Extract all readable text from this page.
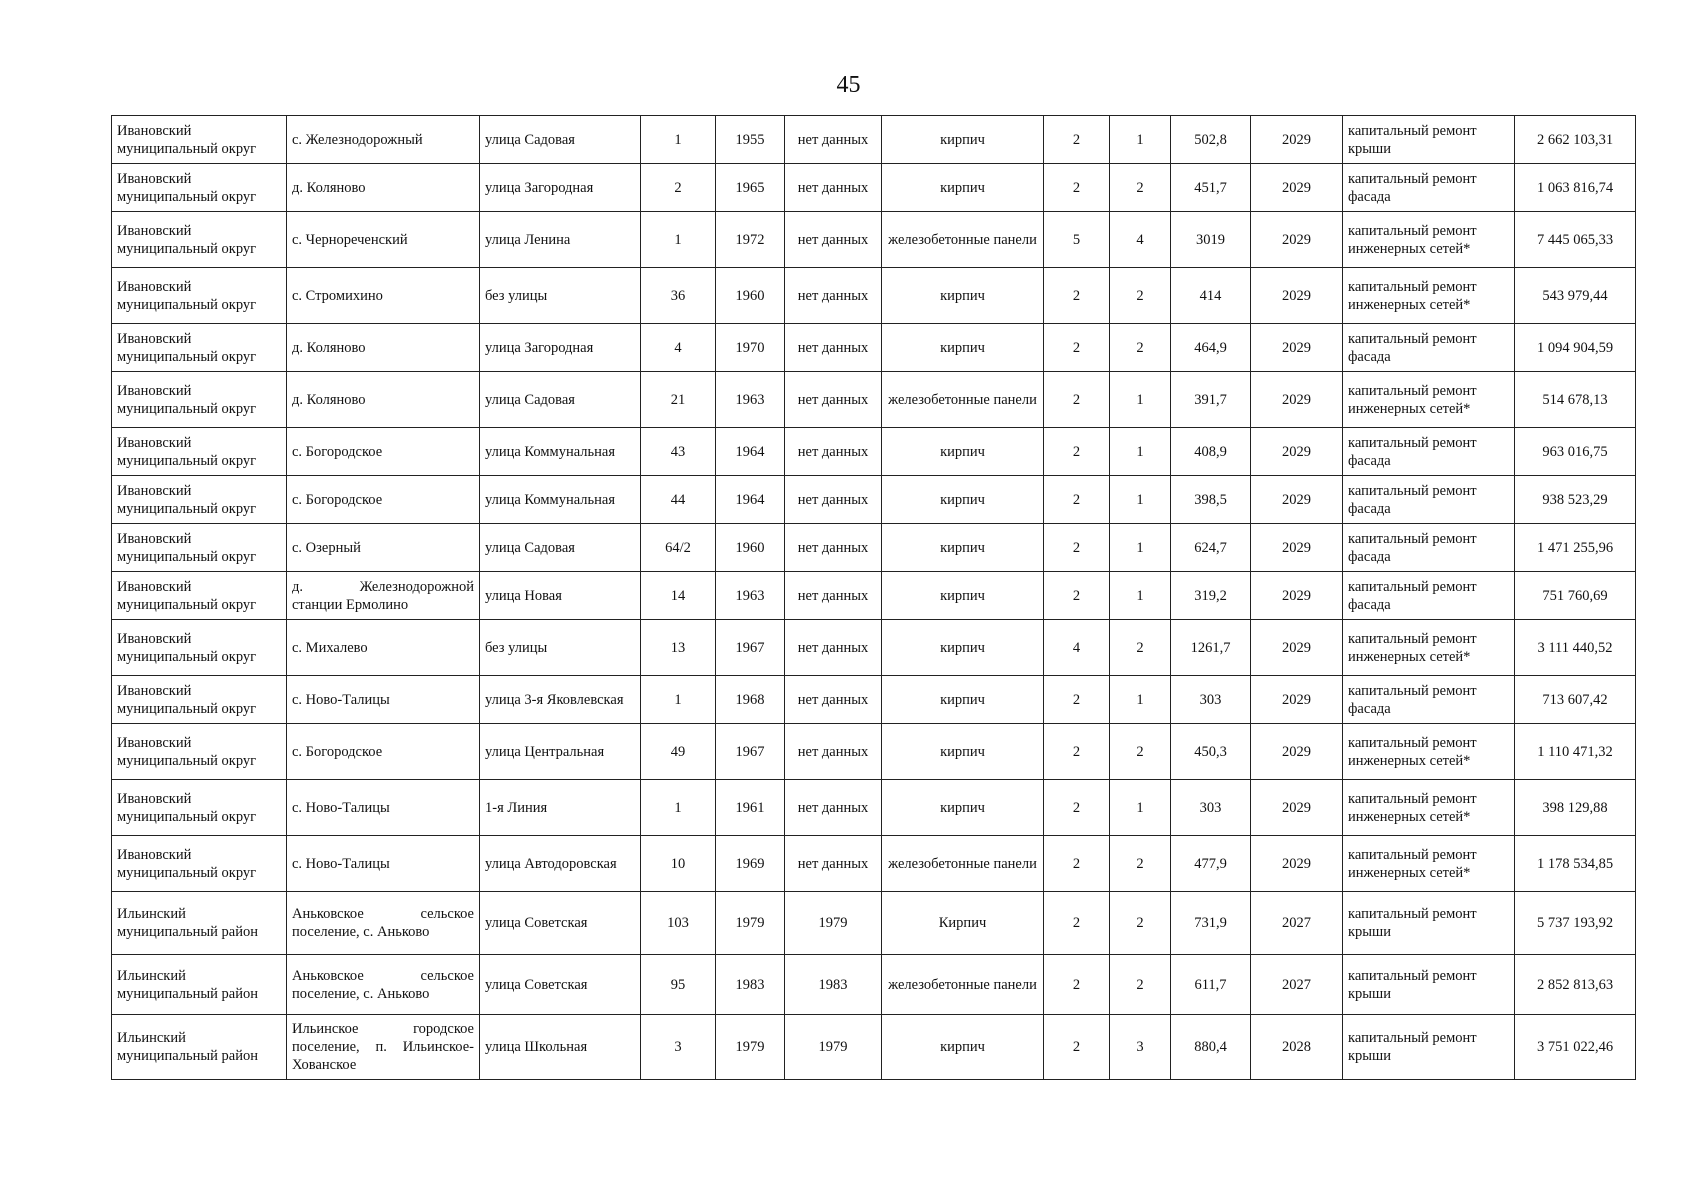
45
Ивановский муниципальный округ	с. Железнодорожный	улица Садовая	1	1955	нет данных	кирпич	2	1	502,8	2029	капитальный ремонт крыши	2 662 103,31
Ивановский муниципальный округ	д. Коляново	улица Загородная	2	1965	нет данных	кирпич	2	2	451,7	2029	капитальный ремонт фасада	1 063 816,74
Ивановский муниципальный округ	с. Чернореченский	улица Ленина	1	1972	нет данных	железобетонные панели	5	4	3019	2029	капитальный ремонт инженерных сетей*	7 445 065,33
Ивановский муниципальный округ	с. Стромихино	без улицы	36	1960	нет данных	кирпич	2	2	414	2029	капитальный ремонт инженерных сетей*	543 979,44
Ивановский муниципальный округ	д. Коляново	улица Загородная	4	1970	нет данных	кирпич	2	2	464,9	2029	капитальный ремонт фасада	1 094 904,59
Ивановский муниципальный округ	д. Коляново	улица Садовая	21	1963	нет данных	железобетонные панели	2	1	391,7	2029	капитальный ремонт инженерных сетей*	514 678,13
Ивановский муниципальный округ	с. Богородское	улица Коммунальная	43	1964	нет данных	кирпич	2	1	408,9	2029	капитальный ремонт фасада	963 016,75
Ивановский муниципальный округ	с. Богородское	улица Коммунальная	44	1964	нет данных	кирпич	2	1	398,5	2029	капитальный ремонт фасада	938 523,29
Ивановский муниципальный округ	с. Озерный	улица Садовая	64/2	1960	нет данных	кирпич	2	1	624,7	2029	капитальный ремонт фасада	1 471 255,96
Ивановский муниципальный округ	д. Железнодорожной станции Ермолино	улица Новая	14	1963	нет данных	кирпич	2	1	319,2	2029	капитальный ремонт фасада	751 760,69
Ивановский муниципальный округ	с. Михалево	без улицы	13	1967	нет данных	кирпич	4	2	1261,7	2029	капитальный ремонт инженерных сетей*	3 111 440,52
Ивановский муниципальный округ	с. Ново-Талицы	улица 3-я Яковлевская	1	1968	нет данных	кирпич	2	1	303	2029	капитальный ремонт фасада	713 607,42
Ивановский муниципальный округ	с. Богородское	улица Центральная	49	1967	нет данных	кирпич	2	2	450,3	2029	капитальный ремонт инженерных сетей*	1 110 471,32
Ивановский муниципальный округ	с. Ново-Талицы	1-я Линия	1	1961	нет данных	кирпич	2	1	303	2029	капитальный ремонт инженерных сетей*	398 129,88
Ивановский муниципальный округ	с. Ново-Талицы	улица Автодоровская	10	1969	нет данных	железобетонные панели	2	2	477,9	2029	капитальный ремонт инженерных сетей*	1 178 534,85
Ильинский муниципальный район	Аньковское сельское поселение, с. Аньково	улица Советская	103	1979	1979	Кирпич	2	2	731,9	2027	капитальный ремонт крыши	5 737 193,92
Ильинский муниципальный район	Аньковское сельское поселение, с. Аньково	улица Советская	95	1983	1983	железобетонные панели	2	2	611,7	2027	капитальный ремонт крыши	2 852 813,63
Ильинский муниципальный район	Ильинское городское поселение, п. Ильинское-Хованское	улица Школьная	3	1979	1979	кирпич	2	3	880,4	2028	капитальный ремонт крыши	3 751 022,46
